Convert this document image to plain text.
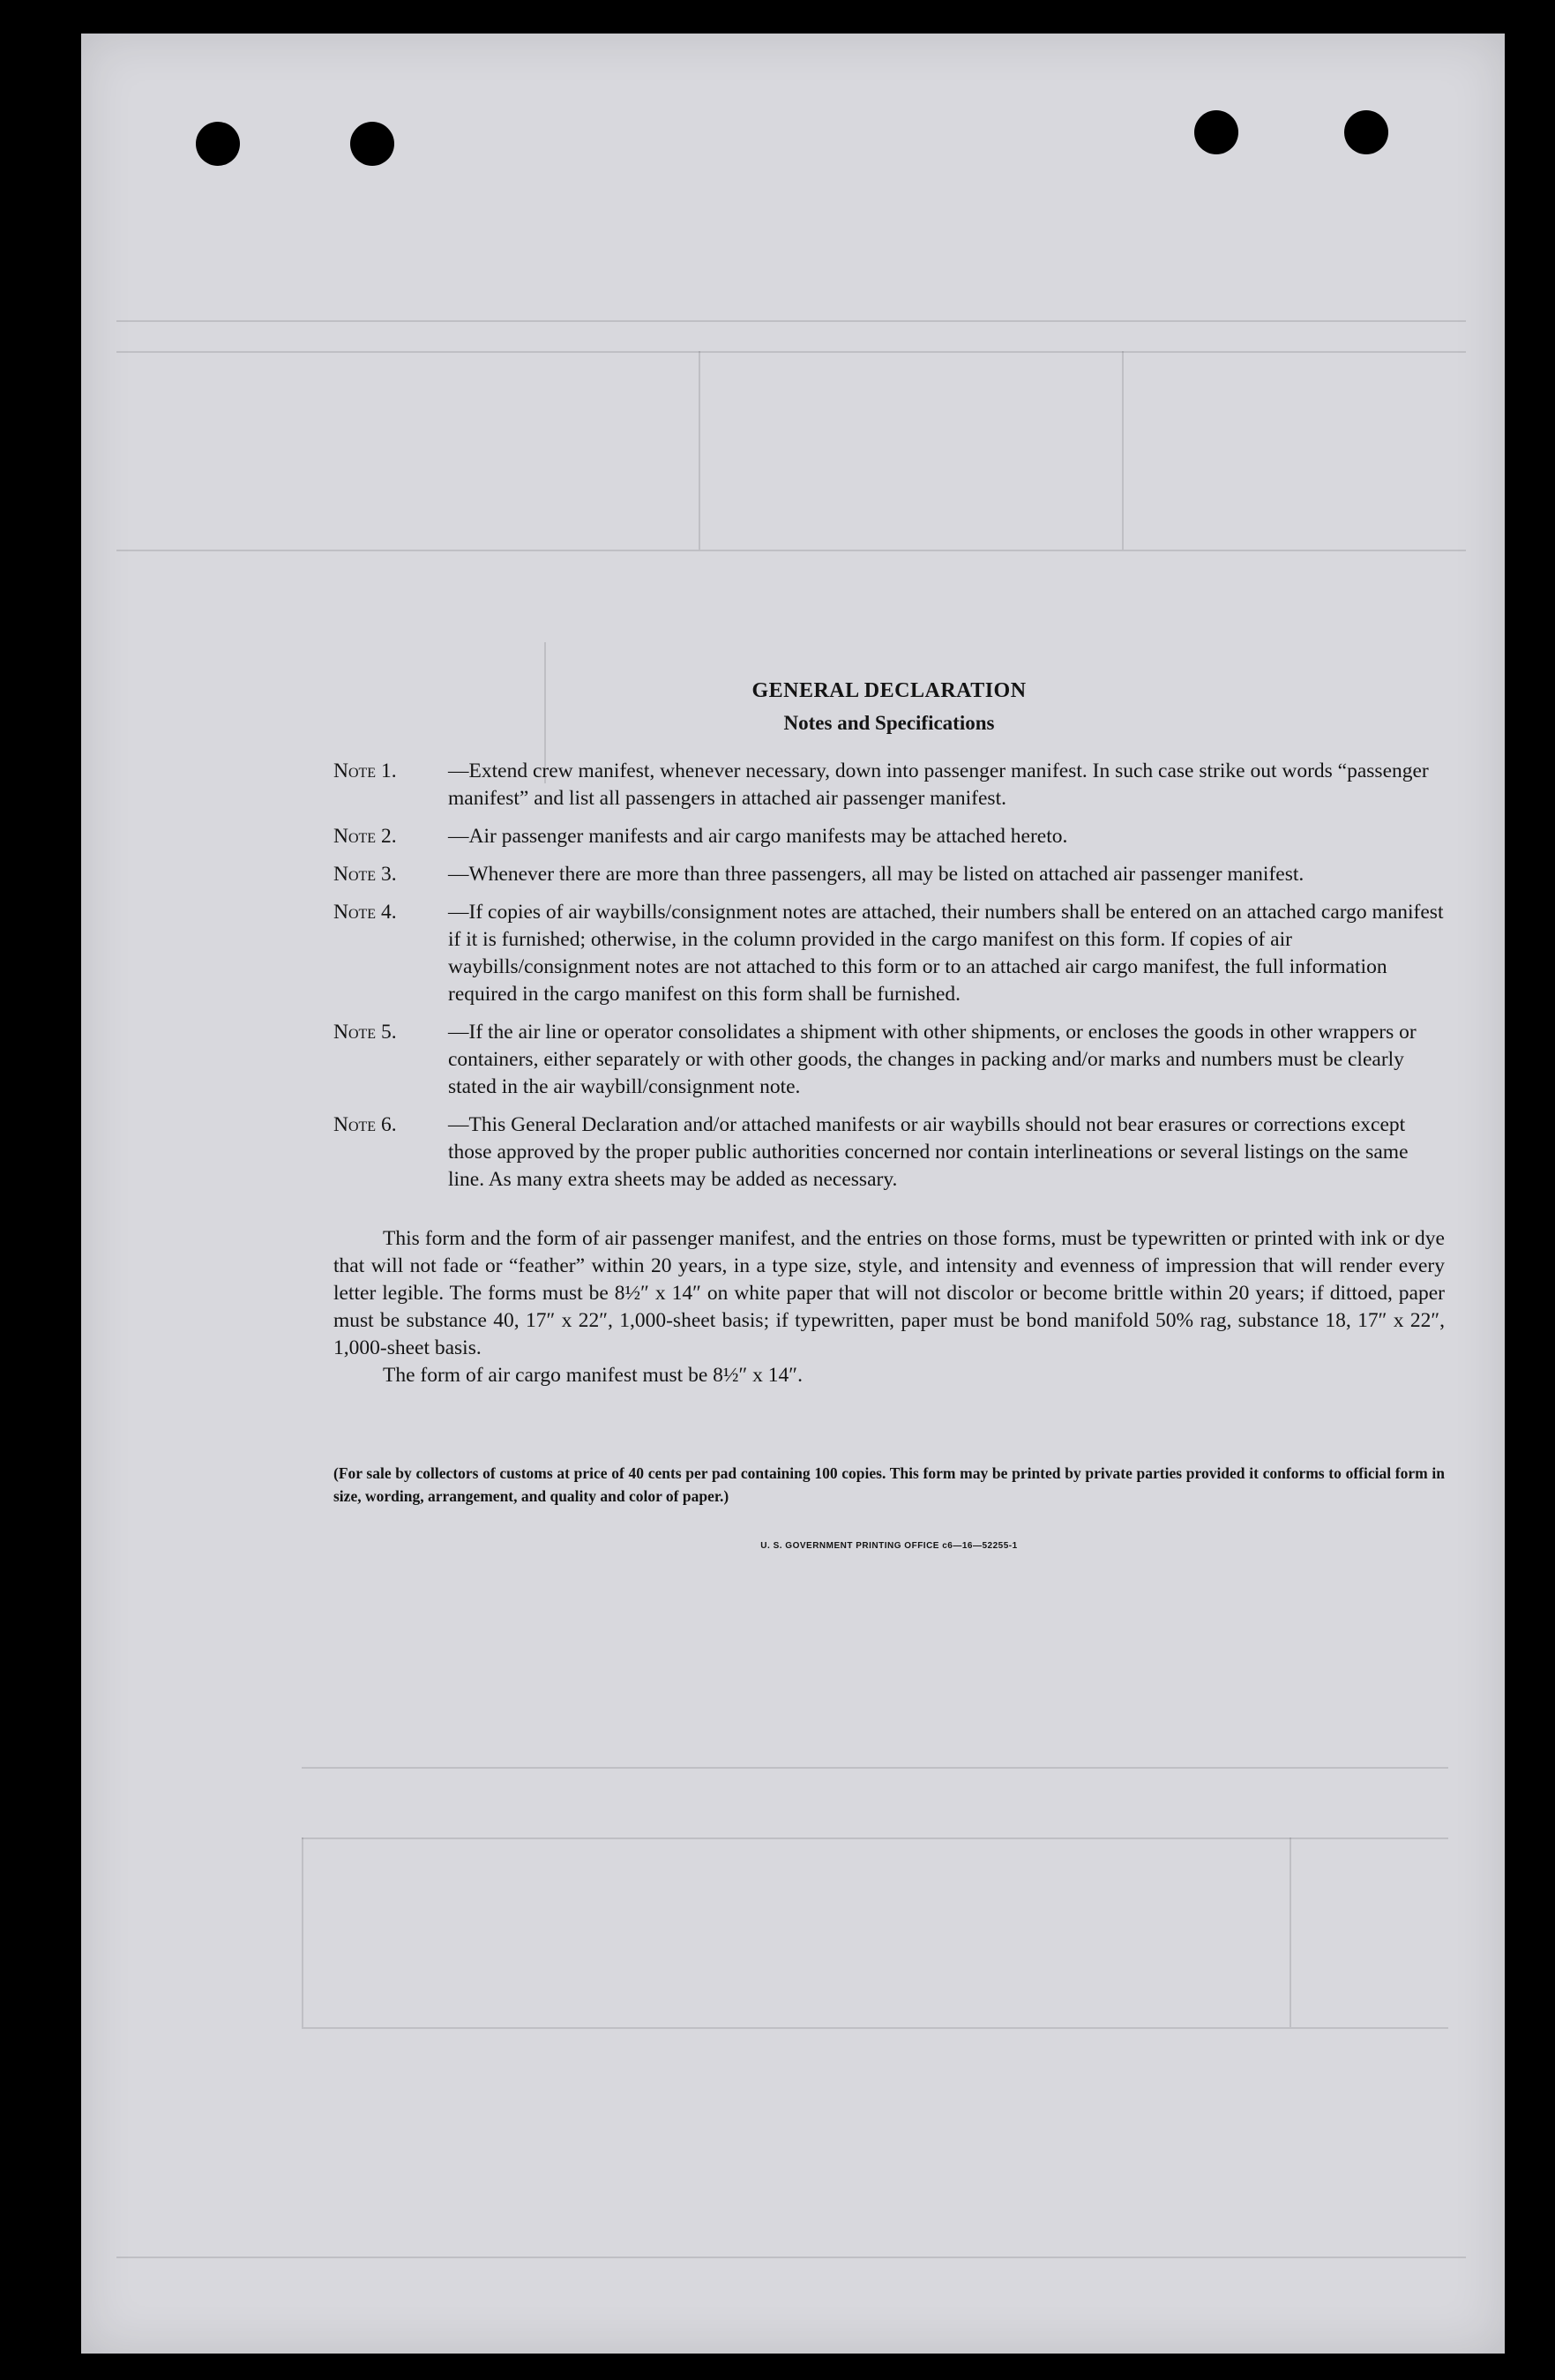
GENERAL DECLARATION
Notes and Specifications
Note 1.	—Extend crew manifest, whenever necessary, down into passenger manifest. In such case strike out words “passenger manifest” and list all passengers in attached air passenger manifest.
Note 2.	—Air passenger manifests and air cargo manifests may be attached hereto.
Note 3.	—Whenever there are more than three passengers, all may be listed on attached air passenger manifest.
Note 4.	—If copies of air waybills/consignment notes are attached, their numbers shall be entered on an attached cargo manifest if it is furnished; otherwise, in the column provided in the cargo manifest on this form. If copies of air waybills/consignment notes are not attached to this form or to an attached air cargo manifest, the full information required in the cargo manifest on this form shall be furnished.
Note 5.	—If the air line or operator consolidates a shipment with other shipments, or encloses the goods in other wrappers or containers, either separately or with other goods, the changes in packing and/or marks and numbers must be clearly stated in the air waybill/consignment note.
Note 6.	—This General Declaration and/or attached manifests or air waybills should not bear erasures or corrections except those approved by the proper public authorities concerned nor contain interlineations or several listings on the same line. As many extra sheets may be added as necessary.

This form and the form of air passenger manifest, and the entries on those forms, must be typewritten or printed with ink or dye that will not fade or “feather” within 20 years, in a type size, style, and intensity and evenness of impression that will render every letter legible. The forms must be 8½″ x 14″ on white paper that will not discolor or become brittle within 20 years; if dittoed, paper must be substance 40, 17″ x 22″, 1,000-sheet basis; if typewritten, paper must be bond manifold 50% rag, substance 18, 17″ x 22″, 1,000-sheet basis.

The form of air cargo manifest must be 8½″ x 14″.

(For sale by collectors of customs at price of 40 cents per pad containing 100 copies. This form may be printed by private parties provided it conforms to official form in size, wording, arrangement, and quality and color of paper.)
U. S. GOVERNMENT PRINTING OFFICE c6—16—52255-1
